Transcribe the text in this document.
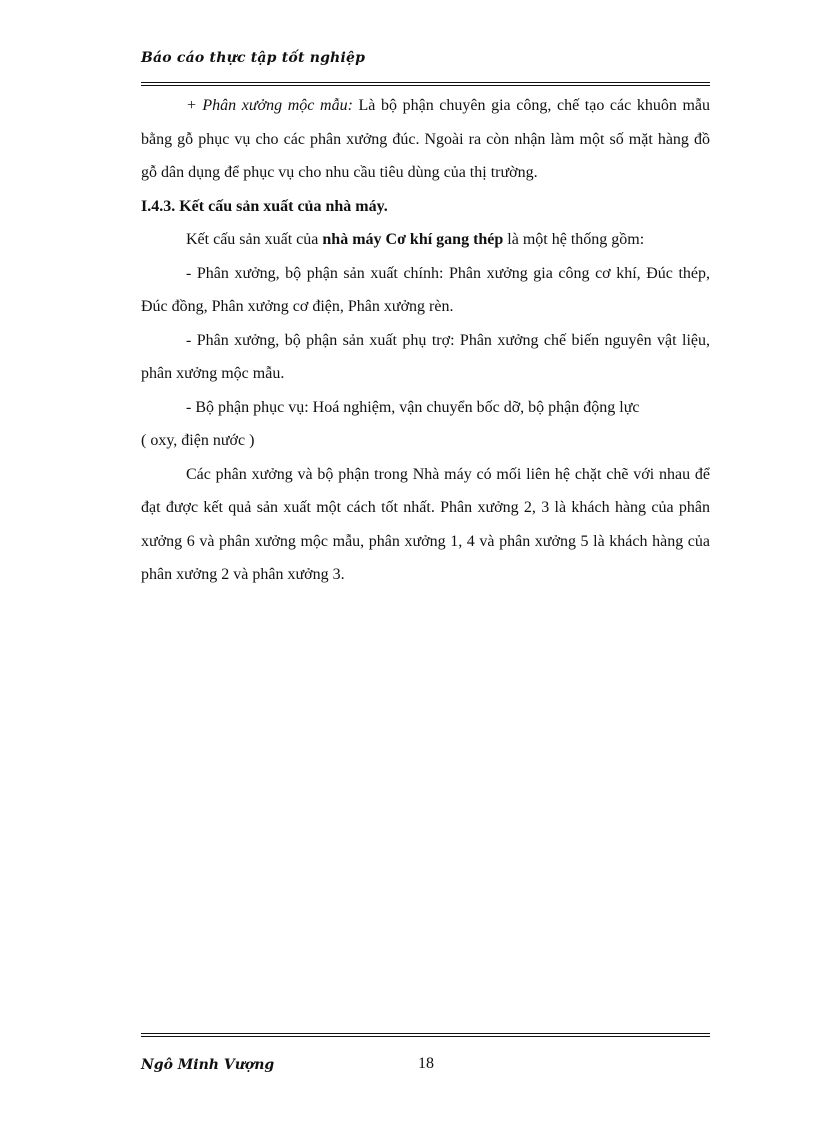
Báo cáo thực tập tốt nghiệp

+ Phân xưởng mộc mẫu: Là bộ phận chuyên gia công, chế tạo các khuôn mẫu bằng gỗ phục vụ cho các phân xưởng đúc. Ngoài ra còn nhận làm một số mặt hàng đồ gỗ dân dụng để phục vụ cho nhu cầu tiêu dùng của thị trường.

I.4.3. Kết cấu sản xuất của nhà máy.

Kết cấu sản xuất của nhà máy Cơ khí gang thép là một hệ thống gồm:

- Phân xưởng, bộ phận sản xuất chính: Phân xưởng gia công cơ khí, Đúc thép, Đúc đồng, Phân xưởng cơ điện, Phân xưởng rèn.

- Phân xưởng, bộ phận sản xuất phụ trợ: Phân xưởng chế biến nguyên vật liệu, phân xưởng mộc mẫu.

- Bộ phận phục vụ: Hoá nghiệm, vận chuyển bốc dỡ, bộ phận động lực

( oxy, điện nước )

Các phân xưởng và bộ phận trong Nhà máy có mối liên hệ chặt chẽ với nhau để đạt được kết quả sản xuất một cách tốt nhất. Phân xưởng 2, 3 là khách hàng của phân xưởng 6 và phân xưởng mộc mẫu, phân xưởng 1, 4 và phân xưởng 5 là khách hàng của phân xưởng 2 và phân xưởng 3.

Ngô Minh Vượng	18
